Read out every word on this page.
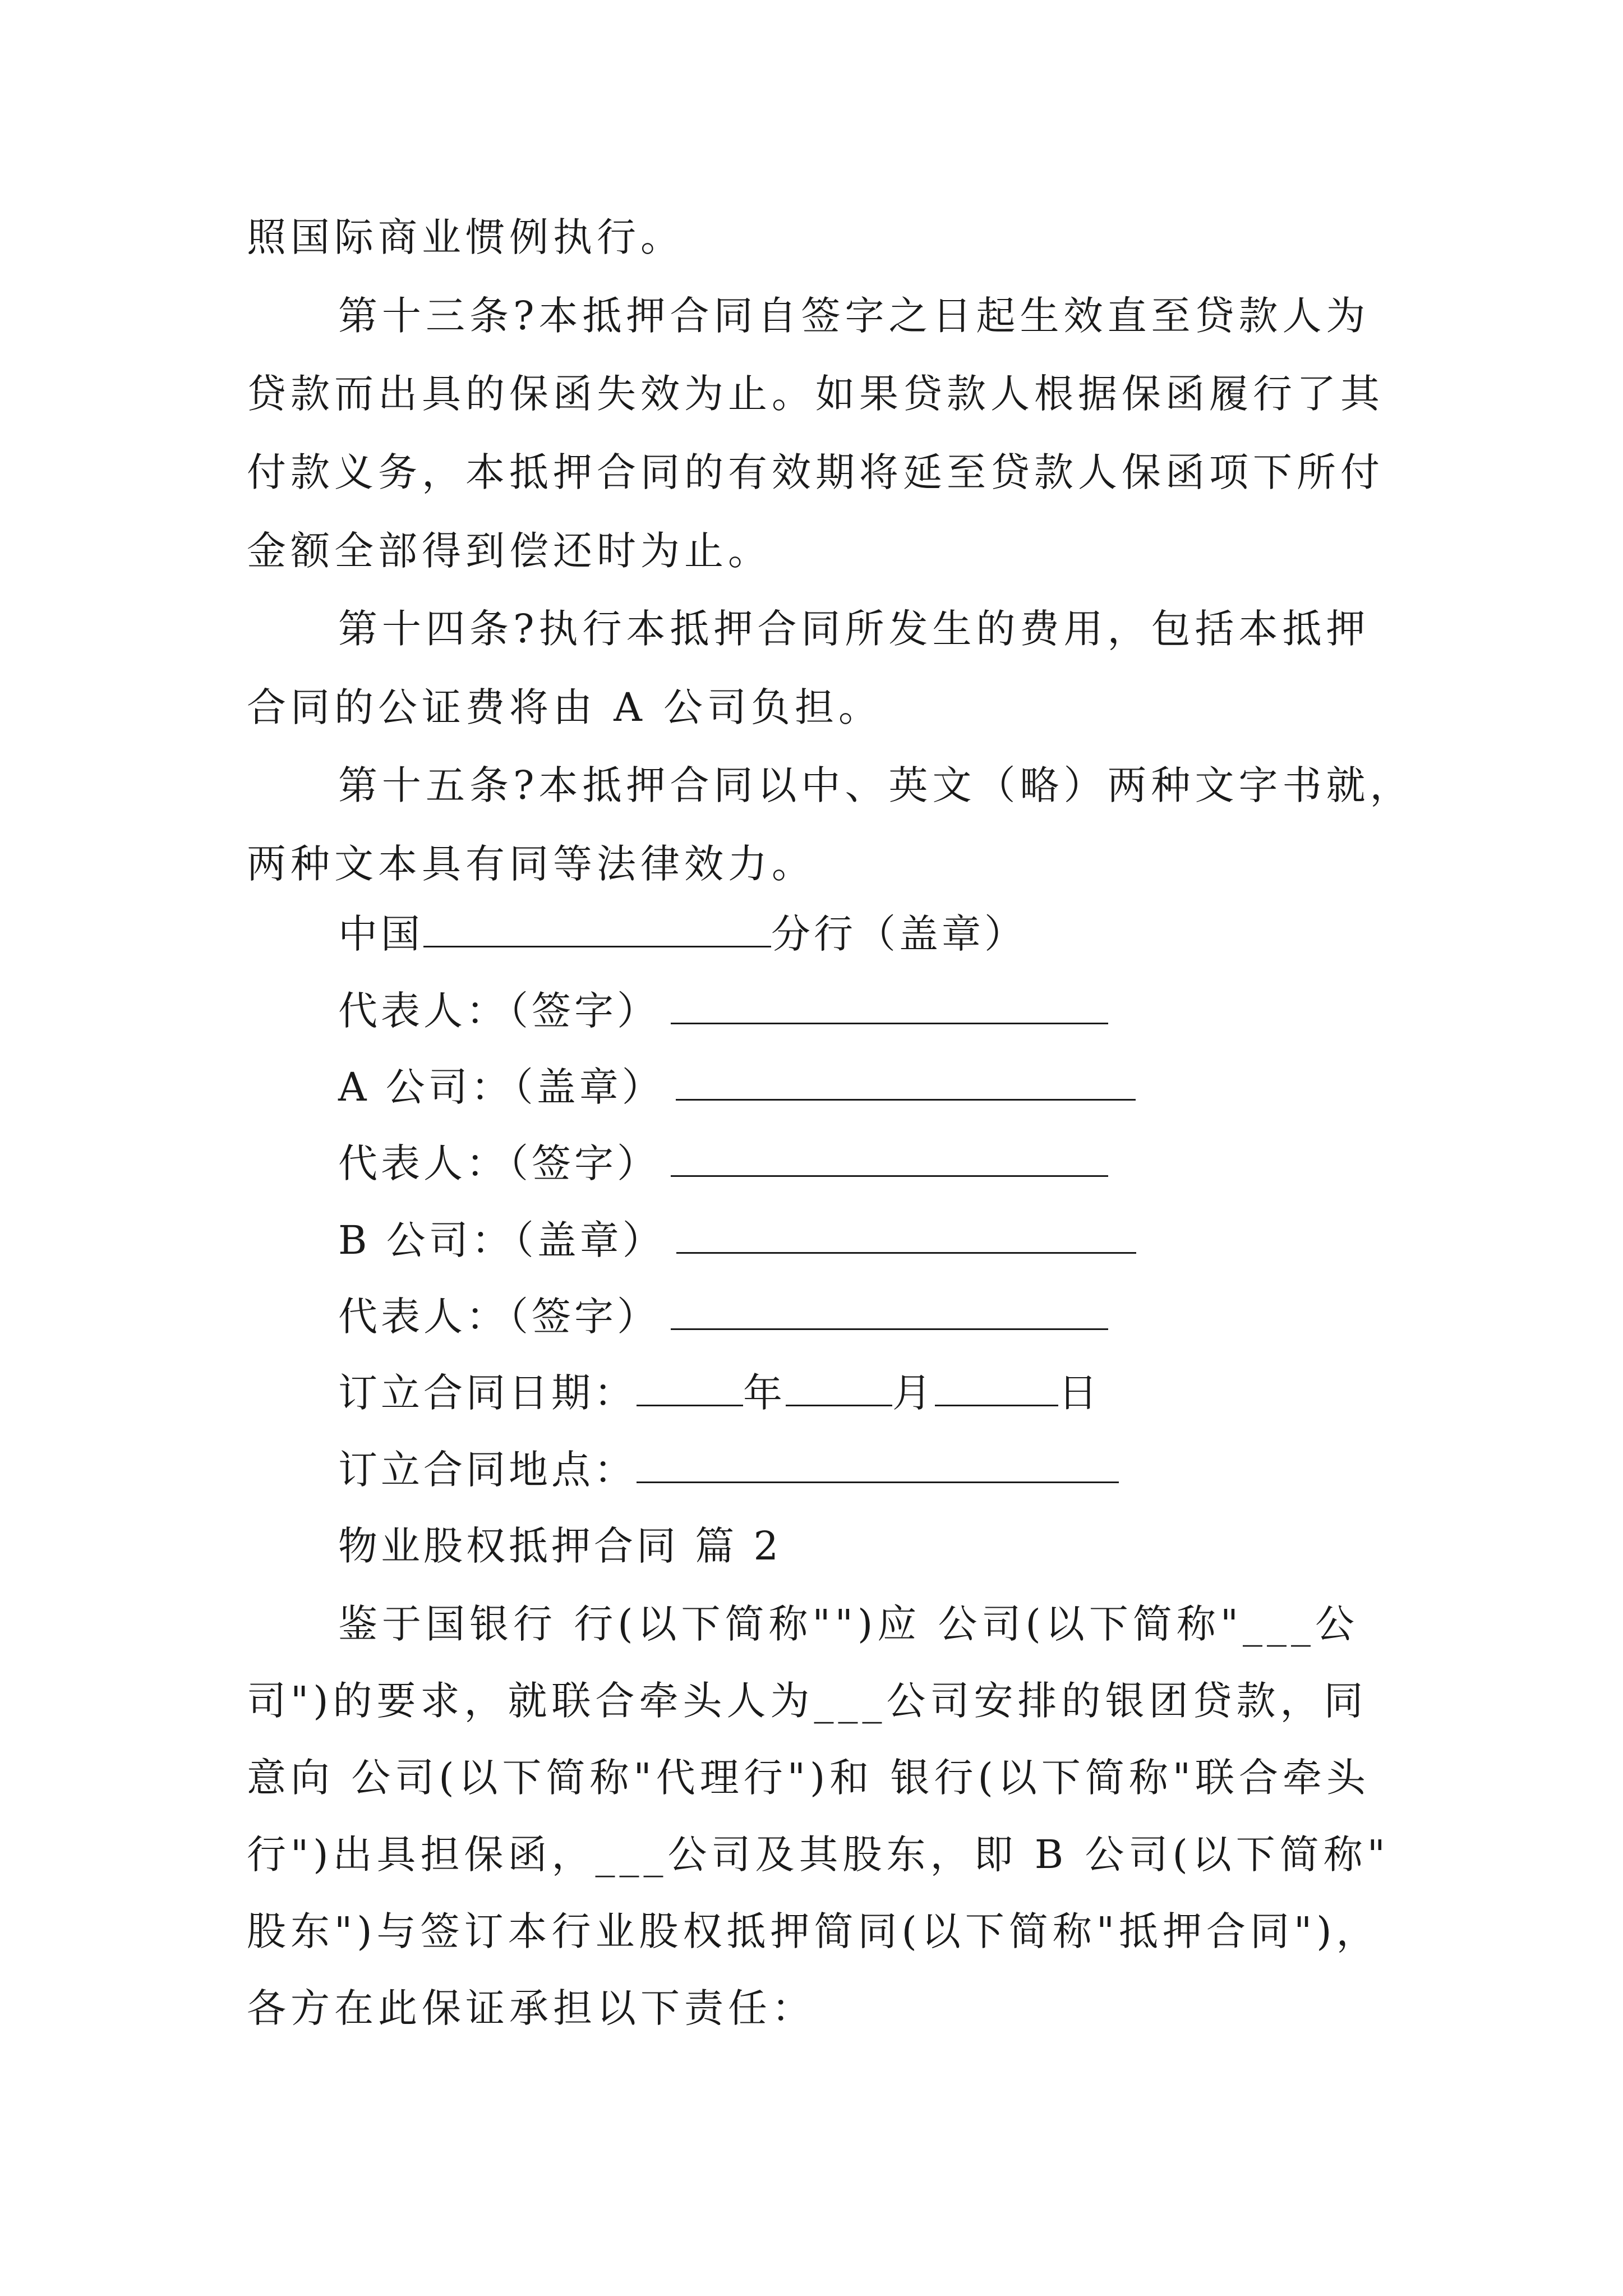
照国际商业惯例执行。
第十三条?本抵押合同自签字之日起生效直至贷款人为
贷款而出具的保函失效为止。如果贷款人根据保函履行了其
付款义务，本抵押合同的有效期将延至贷款人保函项下所付
金额全部得到偿还时为止。
第十四条?执行本抵押合同所发生的费用，包括本抵押
合同的公证费将由 A 公司负担。
第十五条?本抵押合同以中、英文（略）两种文字书就，
两种文本具有同等法律效力。
中国	分行（盖章）
代表人：（签字）
A 公司：（盖章）
代表人：（签字）
B 公司：（盖章）
代表人：（签字）
订立合同日期：	年	月	日
订立合同地点：
物业股权抵押合同 篇 2
鉴于国银行 行(以下简称"")应 公司(以下简称"___公
司")的要求，就联合牵头人为___公司安排的银团贷款，同
意向 公司(以下简称"代理行")和 银行(以下简称"联合牵头
行")出具担保函，___公司及其股东，即 B 公司(以下简称"
股东")与签订本行业股权抵押简同(以下简称"抵押合同")，
各方在此保证承担以下责任：
